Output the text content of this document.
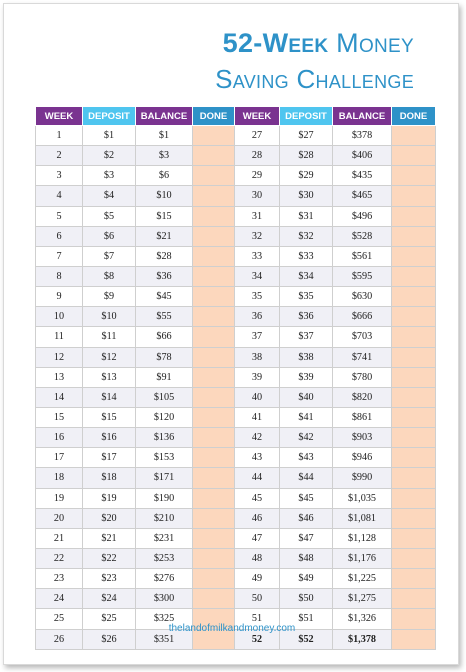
52-Week Money
Saving Challenge
WEEK	DEPOSIT	BALANCE	DONE	WEEK	DEPOSIT	BALANCE	DONE
1	$1	$1		27	$27	$378	
2	$2	$3		28	$28	$406	
3	$3	$6		29	$29	$435	
4	$4	$10		30	$30	$465	
5	$5	$15		31	$31	$496	
6	$6	$21		32	$32	$528	
7	$7	$28		33	$33	$561	
8	$8	$36		34	$34	$595	
9	$9	$45		35	$35	$630	
10	$10	$55		36	$36	$666	
11	$11	$66		37	$37	$703	
12	$12	$78		38	$38	$741	
13	$13	$91		39	$39	$780	
14	$14	$105		40	$40	$820	
15	$15	$120		41	$41	$861	
16	$16	$136		42	$42	$903	
17	$17	$153		43	$43	$946	
18	$18	$171		44	$44	$990	
19	$19	$190		45	$45	$1,035	
20	$20	$210		46	$46	$1,081	
21	$21	$231		47	$47	$1,128	
22	$22	$253		48	$48	$1,176	
23	$23	$276		49	$49	$1,225	
24	$24	$300		50	$50	$1,275	
25	$25	$325		51	$51	$1,326	
26	$26	$351		52	$52	$1,378	
thelandofmilkandmoney.com
